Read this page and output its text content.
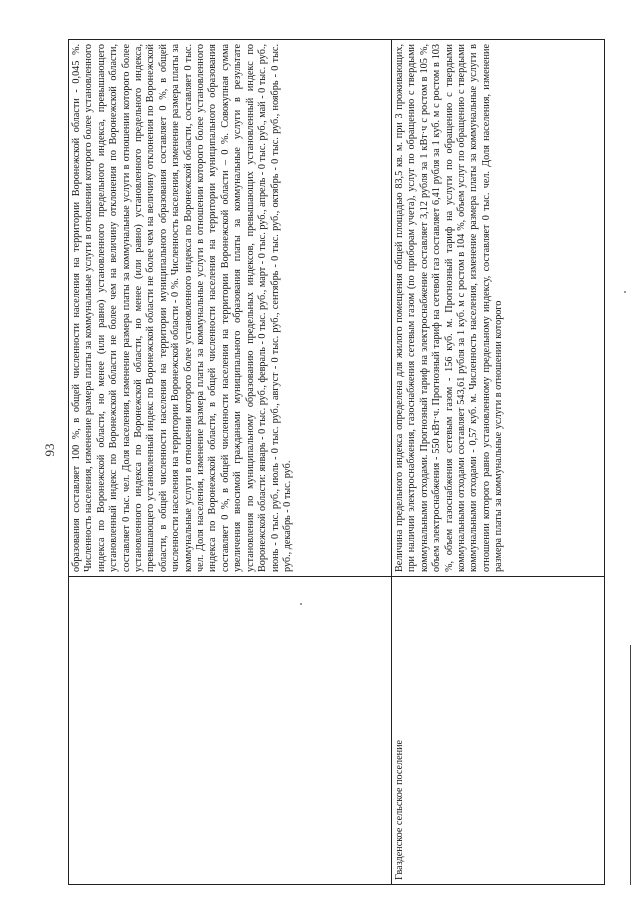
93
	образования составляет 100 %, в общей численности населения на территории Воронежской области - 0,045 %. Численность населения, изменение размера платы за коммунальные услуги в отношении которого более установленного индекса по Воронежской области, но менее (или равно) установленного предельного индекса, превышающего установленный индекс по Воронежской области не более чем на величину отклонения по Воронежской области, составляет 0 тыс. чел. Доля населения, изменение размера платы за коммунальные услуги в отношении которого более установленного индекса по Воронежской области, но менее (или равно) установленного предельного индекса, превышающего установленный индекс по Воронежской области не более чем на величину отклонения по Воронежской области, в общей численности населения на территории муниципального образования составляет 0 %, в общей численности населения на территории Воронежской области - 0 %. Численность населения, изменение размера платы за коммунальные услуги в отношении которого более установленного индекса по Воронежской области, составляет 0 тыс. чел. Доля населения, изменение размера платы за коммунальные услуги в отношении которого более установленного индекса по Воронежской области, в общей численности населения на территории муниципального образования составляет 0 %, в общей численности населения на территории Воронежской области – 0 %. Совокупная сумма увеличения вносимой гражданами муниципального образования платы за коммунальные услуги в результате установления по муниципальному образованию предельных индексов, превышающих установленный индекс по Воронежской области: январь - 0 тыс. руб., февраль - 0 тыс. руб., март - 0 тыс. руб., апрель - 0 тыс. руб., май - 0 тыс. руб., июнь - 0 тыс. руб., июль - 0 тыс. руб., август - 0 тыс. руб., сентябрь - 0 тыс. руб., октябрь - 0 тыс. руб., ноябрь - 0 тыс. руб., декабрь - 0 тыс. руб.
Гвазденское сельское поселение	Величина предельного индекса определена для жилого помещения общей площадью 83,5 кв. м. при 3 проживающих, при наличии электроснабжения, газоснабжения сетевым газом (по приборам учета), услуг по обращению с твердыми коммунальными отходами. Прогнозный тариф на электроснабжение составляет 3,12 рубля за 1 кВт·ч с ростом в 105 %, объем электроснабжения - 550 кВт·ч. Прогнозный тариф на сетевой газ составляет 6,41 рубля за 1 куб. м с ростом в 103 %, объем газоснабжения сетевым газом - 156 куб. м. Прогнозный тариф на услуги по обращению с твердыми коммунальными отходами составляет 543,61 рубля за 1 куб. м с ростом в 104 %, объем услуг по обращению с твердыми коммунальными отходами - 0,57 куб. м. Численность населения, изменение размера платы за коммунальные услуги в отношении которого равно установленному предельному индексу, составляет 0 тыс. чел. Доля населения, изменение размера платы за коммунальные услуги в отношении которого
